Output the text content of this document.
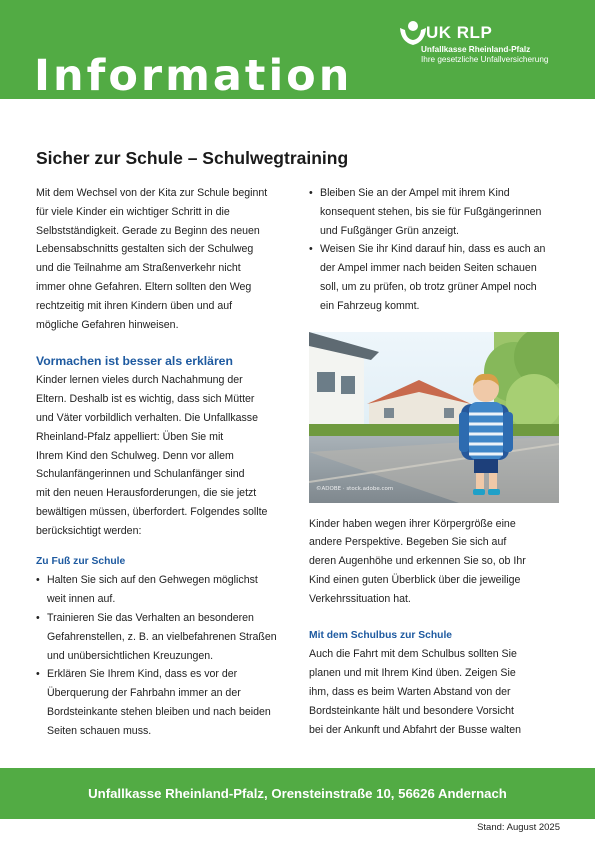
UK RLP
Unfallkasse Rheinland-Pfalz
Ihre gesetzliche Unfallversicherung
Information
Sicher zur Schule – Schulwegtraining

Mit dem Wechsel von der Kita zur Schule beginnt
für viele Kinder ein wichtiger Schritt in die
Selbstständigkeit. Gerade zu Beginn des neuen
Lebensabschnitts gestalten sich der Schulweg
und die Teilnahme am Straßenverkehr nicht
immer ohne Gefahren. Eltern sollten den Weg
rechtzeitig mit ihren Kindern üben und auf
mögliche Gefahren hinweisen.

Vormachen ist besser als erklären

Kinder lernen vieles durch Nachahmung der
Eltern. Deshalb ist es wichtig, dass sich Mütter
und Väter vorbildlich verhalten. Die Unfallkasse
Rheinland-Pfalz appelliert: Üben Sie mit
Ihrem Kind den Schulweg. Denn vor allem
Schulanfängerinnen und Schulanfänger sind
mit den neuen Herausforderungen, die sie jetzt
bewältigen müssen, überfordert. Folgendes sollte
berücksichtigt werden:

Zu Fuß zur Schule
• Halten Sie sich auf den Gehwegen möglichst
weit innen auf.
• Trainieren Sie das Verhalten an besonderen
Gefahrenstellen, z. B. an vielbefahrenen Straßen
und unübersichtlichen Kreuzungen.
• Erklären Sie Ihrem Kind, dass es vor der
Überquerung der Fahrbahn immer an der
Bordsteinkante stehen bleiben und nach beiden
Seiten schauen muss.
• Bleiben Sie an der Ampel mit ihrem Kind
konsequent stehen, bis sie für Fußgängerinnen
und Fußgänger Grün anzeigt.
• Weisen Sie ihr Kind darauf hin, dass es auch an
der Ampel immer nach beiden Seiten schauen
soll, um zu prüfen, ob trotz grüner Ampel noch
ein Fahrzeug kommt.
©ADOBE · stock.adobe.com

Kinder haben wegen ihrer Körpergröße eine
andere Perspektive. Begeben Sie sich auf
deren Augenhöhe und erkennen Sie so, ob Ihr
Kind einen guten Überblick über die jeweilige
Verkehrssituation hat.

Mit dem Schulbus zur Schule

Auch die Fahrt mit dem Schulbus sollten Sie
planen und mit Ihrem Kind üben. Zeigen Sie
ihm, dass es beim Warten Abstand von der
Bordsteinkante hält und besondere Vorsicht
bei der Ankunft und Abfahrt der Busse walten

Unfallkasse Rheinland-Pfalz, Orensteinstraße 10, 56626 Andernach
Stand: August 2025
